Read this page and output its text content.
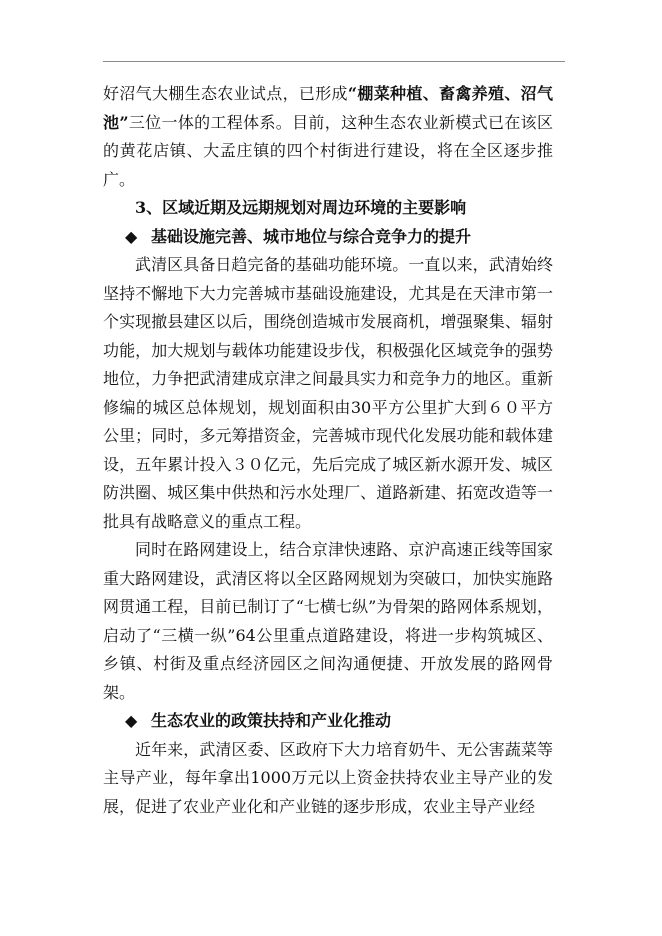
好沼气大棚生态农业试点，已形成“棚菜种植、畜禽养殖、沼气池”三位一体的工程体系。目前，这种生态农业新模式已在该区的黄花店镇、大孟庄镇的四个村街进行建设，将在全区逐步推广。

3、区域近期及远期规划对周边环境的主要影响

◆ 基础设施完善、城市地位与综合竞争力的提升

武清区具备日趋完备的基础功能环境。一直以来，武清始终坚持不懈地下大力完善城市基础设施建设，尤其是在天津市第一个实现撤县建区以后，围绕创造城市发展商机，增强聚集、辐射功能，加大规划与载体功能建设步伐，积极强化区域竞争的强势地位，力争把武清建成京津之间最具实力和竞争力的地区。重新修编的城区总体规划，规划面积由30平方公里扩大到６０平方公里；同时，多元筹措资金，完善城市现代化发展功能和载体建设，五年累计投入３０亿元，先后完成了城区新水源开发、城区防洪圈、城区集中供热和污水处理厂、道路新建、拓宽改造等一批具有战略意义的重点工程。

同时在路网建设上，结合京津快速路、京沪高速正线等国家重大路网建设，武清区将以全区路网规划为突破口，加快实施路网贯通工程，目前已制订了“七横七纵”为骨架的路网体系规划，启动了“三横一纵”64公里重点道路建设，将进一步构筑城区、乡镇、村街及重点经济园区之间沟通便捷、开放发展的路网骨架。

◆ 生态农业的政策扶持和产业化推动

近年来，武清区委、区政府下大力培育奶牛、无公害蔬菜等主导产业，每年拿出1000万元以上资金扶持农业主导产业的发展，促进了农业产业化和产业链的逐步形成，农业主导产业经
